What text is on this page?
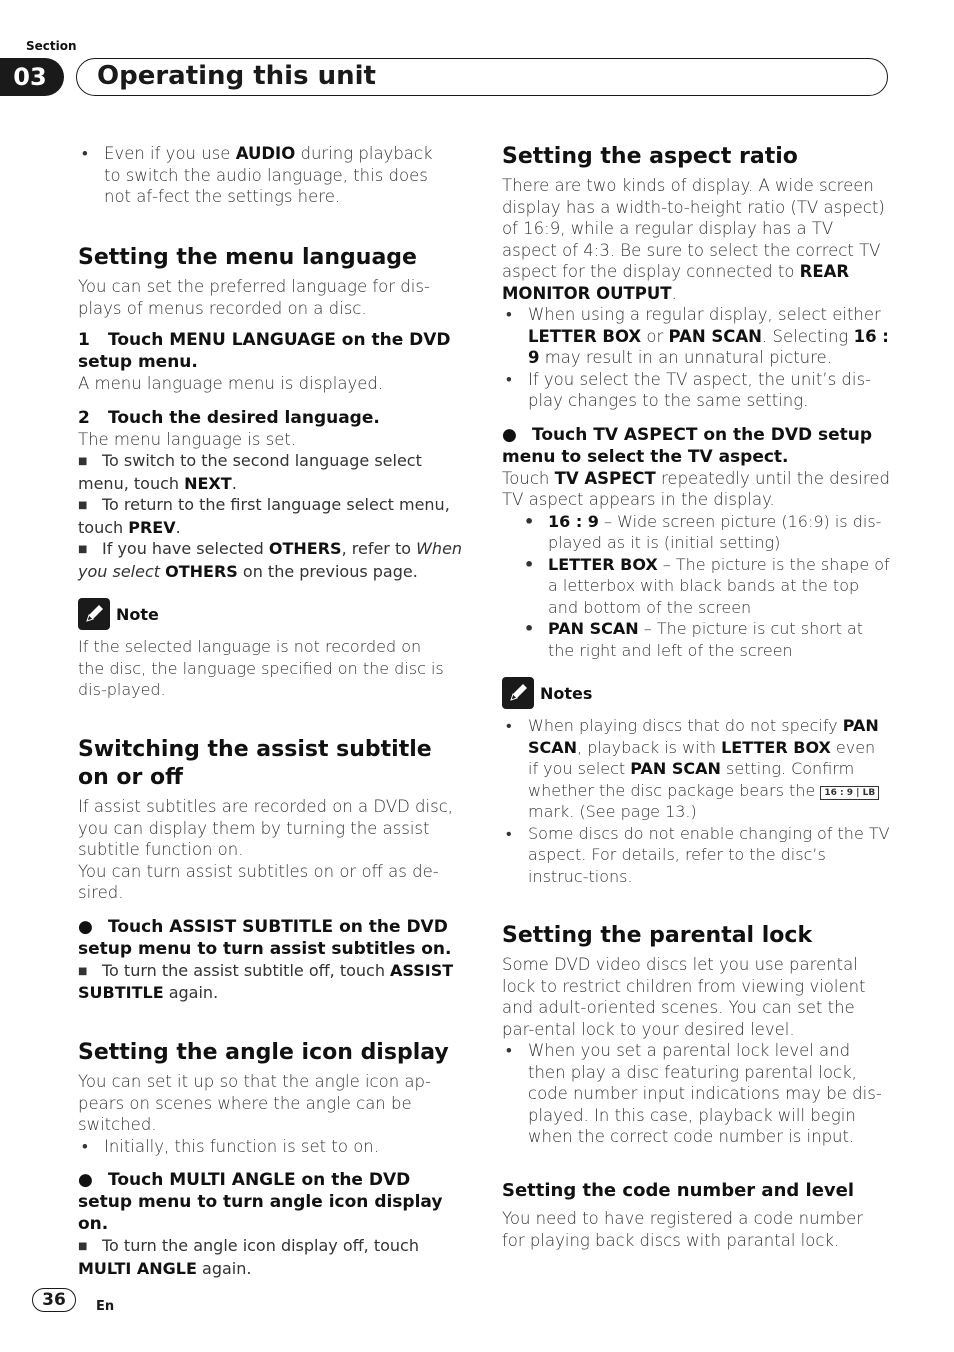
Section
03	Operating this unit

• Even if you use AUDIO during playback to switch the audio language, this does not af-fect the settings here.

Setting the menu language

You can set the preferred language for dis-plays of menus recorded on a disc.

1 Touch MENU LANGUAGE on the DVD setup menu.

A menu language menu is displayed.

2 Touch the desired language.

The menu language is set.

■ To switch to the second language select menu, touch NEXT.

■ To return to the first language select menu, touch PREV.

■ If you have selected OTHERS, refer to When you select OTHERS on the previous page.

Note

If the selected language is not recorded on the disc, the language specified on the disc is dis-played.

Switching the assist subtitle on or off

If assist subtitles are recorded on a DVD disc, you can display them by turning the assist subtitle function on.

You can turn assist subtitles on or off as de-sired.

● Touch ASSIST SUBTITLE on the DVD setup menu to turn assist subtitles on.

■ To turn the assist subtitle off, touch ASSIST SUBTITLE again.

Setting the angle icon display

You can set it up so that the angle icon ap-pears on scenes where the angle can be switched.

• Initially, this function is set to on.

● Touch MULTI ANGLE on the DVD setup menu to turn angle icon display on.

■ To turn the angle icon display off, touch MULTI ANGLE again.

Setting the aspect ratio

There are two kinds of display. A wide screen display has a width-to-height ratio (TV aspect) of 16:9, while a regular display has a TV aspect of 4:3. Be sure to select the correct TV aspect for the display connected to REAR MONITOR OUTPUT.

• When using a regular display, select either LETTER BOX or PAN SCAN. Selecting 16 : 9 may result in an unnatural picture.

• If you select the TV aspect, the unit’s dis-play changes to the same setting.

● Touch TV ASPECT on the DVD setup menu to select the TV aspect.

Touch TV ASPECT repeatedly until the desired TV aspect appears in the display.

• 16 : 9 – Wide screen picture (16:9) is dis-played as it is (initial setting)

• LETTER BOX – The picture is the shape of a letterbox with black bands at the top and bottom of the screen

• PAN SCAN – The picture is cut short at the right and left of the screen

Notes

• When playing discs that do not specify PAN SCAN, playback is with LETTER BOX even if you select PAN SCAN setting. Confirm whether the disc package bears the 16 : 9 | LB mark. (See page 13.)

• Some discs do not enable changing of the TV aspect. For details, refer to the disc’s instruc-tions.

Setting the parental lock

Some DVD video discs let you use parental lock to restrict children from viewing violent and adult-oriented scenes. You can set the par-ental lock to your desired level.

• When you set a parental lock level and then play a disc featuring parental lock, code number input indications may be dis-played. In this case, playback will begin when the correct code number is input.

Setting the code number and level

You need to have registered a code number for playing back discs with parantal lock.

36	En
